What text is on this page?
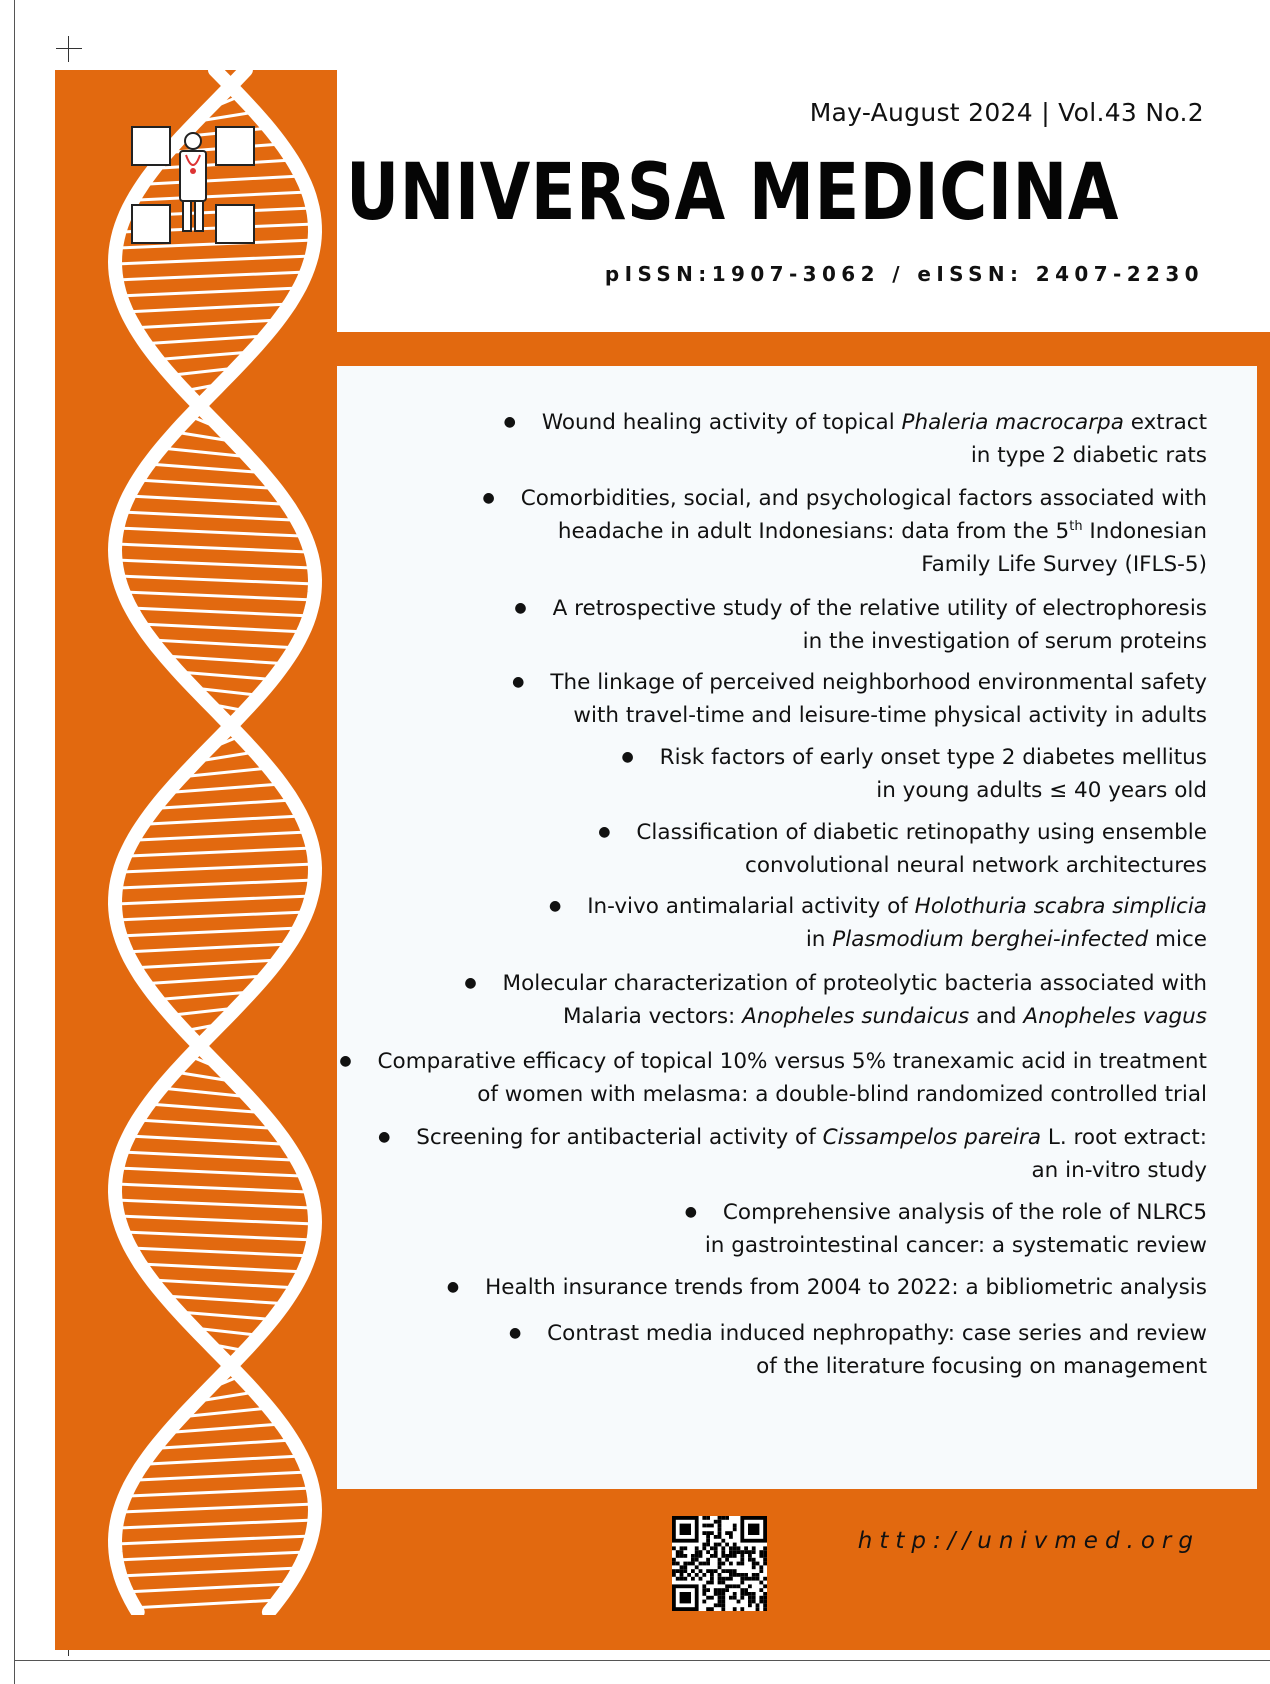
May-August 2024 | Vol.43 No.2
UNIVERSA MEDICINA
pISSN:1907-3062 / eISSN: 2407-2230
● Wound healing activity of topical Phaleria macrocarpa extract
in type 2 diabetic rats
● Comorbidities, social, and psychological factors associated with
headache in adult Indonesians: data from the 5th Indonesian
Family Life Survey (IFLS-5)
● A retrospective study of the relative utility of electrophoresis
in the investigation of serum proteins
● The linkage of perceived neighborhood environmental safety
with travel-time and leisure-time physical activity in adults
● Risk factors of early onset type 2 diabetes mellitus
in young adults ≤ 40 years old
● Classification of diabetic retinopathy using ensemble
convolutional neural network architectures
● In-vivo antimalarial activity of Holothuria scabra simplicia
in Plasmodium berghei-infected mice
● Molecular characterization of proteolytic bacteria associated with
Malaria vectors: Anopheles sundaicus and Anopheles vagus
● Comparative efficacy of topical 10% versus 5% tranexamic acid in treatment
of women with melasma: a double-blind randomized controlled trial
● Screening for antibacterial activity of Cissampelos pareira L. root extract:
an in-vitro study
● Comprehensive analysis of the role of NLRC5
in gastrointestinal cancer: a systematic review
● Health insurance trends from 2004 to 2022: a bibliometric analysis
● Contrast media induced nephropathy: case series and review
of the literature focusing on management
http://univmed.org
